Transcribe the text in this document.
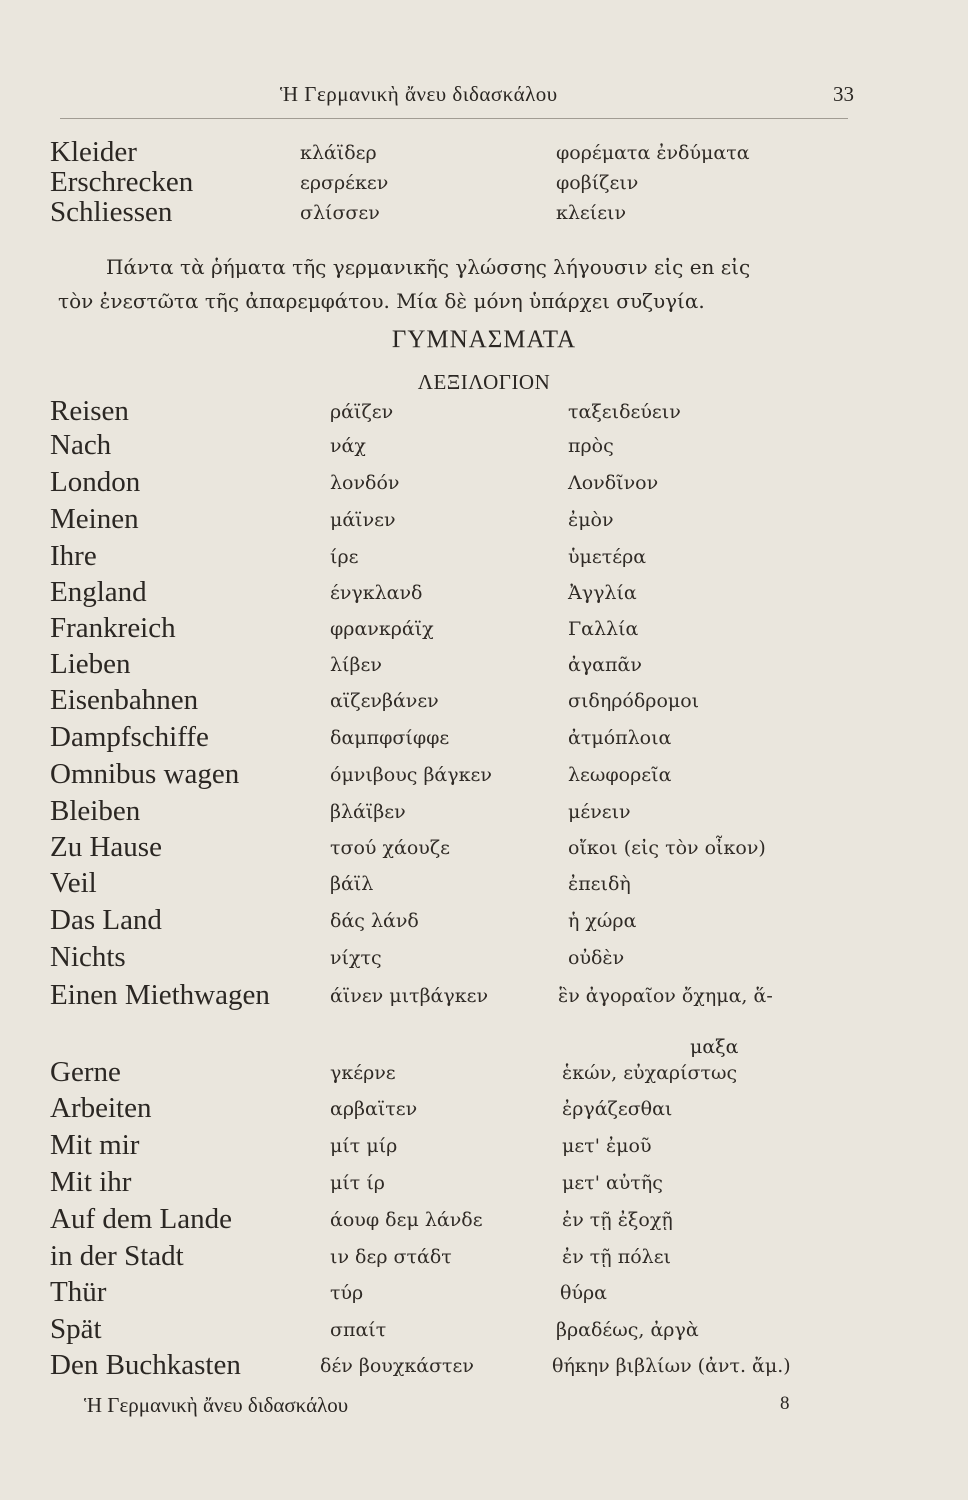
Ἡ Γερμανικὴ ἄνευ διδασκάλου	33
Kleider	κλάϊδερ	φορέματα ἐνδύματα
Erschrecken	ερσρέκεν	φοβίζειν
Schliessen	σλίσσεν	κλείειν
Πάντα τὰ ῥήματα τῆς γερμανικῆς γλώσσης λήγουσιν εἰς en εἰς
τὸν ἐνεστῶτα τῆς ἀπαρεμφάτου. Μία δὲ μόνη ὑπάρχει συζυγία.
ΓΥΜΝΑΣΜΑΤΑ
ΛΕΞΙΛΟΓΙΟΝ
Reisen	ράϊζεν	ταξειδεύειν
Nach	νάχ	πρὸς
London	λονδόν	Λονδῖνον
Meinen	μάϊνεν	ἐμὸν
Ihre	ίρε	ὑμετέρα
England	ένγκλανδ	Ἀγγλία
Frankreich	φρανκράϊχ	Γαλλία
Lieben	λίβεν	ἀγαπᾶν
Eisenbahnen	αϊζενβάνεν	σιδηρόδρομοι
Dampfschiffe	δαμπφσίφφε	ἀτμόπλοια
Omnibus wagen	όμνιβους βάγκεν	λεωφορεῖα
Bleiben	βλάϊβεν	μένειν
Zu Hause	τσού χάουζε	οἴκοι (εἰς τὸν οἶκον)
Veil	βάϊλ	ἐπειδὴ
Das Land	δάς λάνδ	ἡ χώρα
Nichts	νίχτς	οὐδὲν
Einen Miethwagen	άϊνεν μιτβάγκεν	ἓν ἀγοραῖον ὄχημα, ἅ-
μαξα
Gerne	γκέρνε	ἑκών, εὐχαρίστως
Arbeiten	αρβαϊτεν	ἐργάζεσθαι
Mit mir	μίτ μίρ	μετ' ἐμοῦ
Mit ihr	μίτ ίρ	μετ' αὐτῆς
Auf dem Lande	άουφ δεμ λάνδε	ἐν τῇ ἐξοχῇ
in der Stadt	ιν δερ στάδτ	ἐν τῇ πόλει
Thür	τύρ	θύρα
Spät	σπαίτ	βραδέως, ἀργὰ
Den Buchkasten	δέν βουχκάστεν	θήκην βιβλίων (ἀντ. ἄμ.)
Ἡ Γερμανικὴ ἄνευ διδασκάλου	8
